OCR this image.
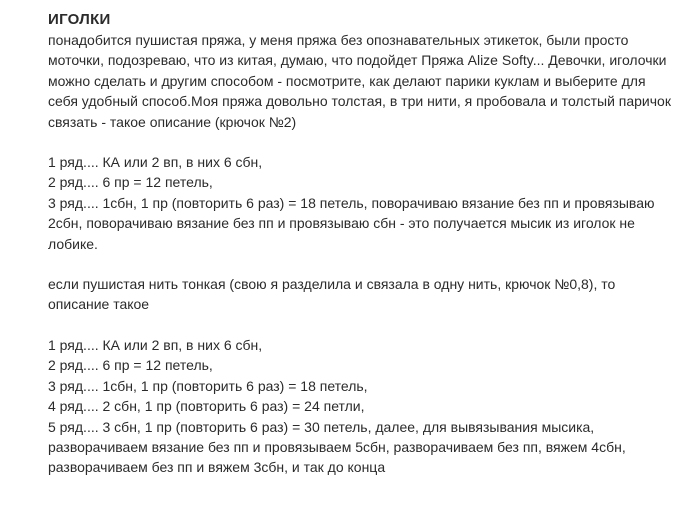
ИГОЛКИ

понадобится пушистая пряжа, у меня пряжа без опознавательных этикеток, были просто моточки, подозреваю, что из китая, думаю, что подойдет Пряжа Alize Softy... Девочки, иголочки можно сделать и другим способом - посмотрите, как делают парики куклам и выберите для себя удобный способ.Моя пряжа довольно толстая, в три нити, я пробовала и толстый паричок связать - такое описание (крючок №2)

1 ряд.... КА или 2 вп, в них 6 сбн,
2 ряд.... 6 пр = 12 петель,
3 ряд.... 1сбн, 1 пр (повторить 6 раз) = 18 петель, поворачиваю вязание без пп и провязываю 2сбн, поворачиваю вязание без пп и провязываю сбн - это получается мысик из иголок не лобике.

если пушистая нить тонкая (свою я разделила и связала в одну нить, крючок №0,8), то описание такое

1 ряд.... КА или 2 вп, в них 6 сбн,
2 ряд.... 6 пр = 12 петель,
3 ряд.... 1сбн, 1 пр (повторить 6 раз) = 18 петель,
4 ряд.... 2 сбн, 1 пр (повторить 6 раз) = 24 петли,
5 ряд.... 3 сбн, 1 пр (повторить 6 раз) = 30 петель, далее, для вывязывания мысика, разворачиваем вязание без пп и провязываем 5сбн, разворачиваем без пп, вяжем 4сбн, разворачиваем без пп и вяжем 3сбн, и так до конца
